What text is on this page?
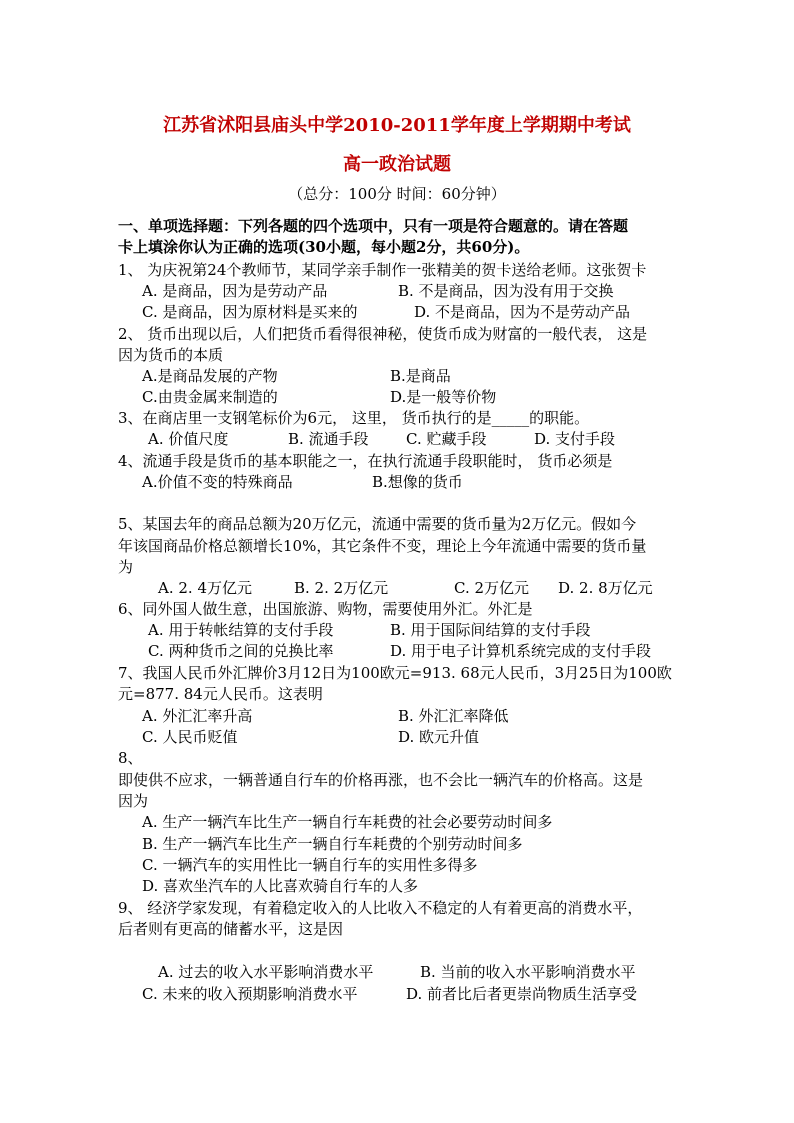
江苏省沭阳县庙头中学2010-2011学年度上学期期中考试
高一政治试题
（总分：100分 时间：60分钟）
一、单项选择题：下列各题的四个选项中，只有一项是符合题意的。请在答题
卡上填涂你认为正确的选项(30小题，每小题2分，共60分)。
1、 为庆祝第24个教师节，某同学亲手制作一张精美的贺卡送给老师。这张贺卡
A. 是商品，因为是劳动产品	B. 不是商品，因为没有用于交换
C. 是商品，因为原材料是买来的	D. 不是商品，因为不是劳动产品
2、 货币出现以后，人们把货币看得很神秘，使货币成为财富的一般代表， 这是
因为货币的本质
A.是商品发展的产物	B.是商品
C.由贵金属来制造的	D.是一般等价物
3、在商店里一支钢笔标价为6元， 这里， 货币执行的是_____的职能。
A. 价值尺度	B. 流通手段 C. 贮藏手段	D. 支付手段
4、流通手段是货币的基本职能之一，在执行流通手段职能时， 货币必须是
A.价值不变的特殊商品	B.想像的货币
5、某国去年的商品总额为20万亿元，流通中需要的货币量为2万亿元。假如今
年该国商品价格总额增长10%，其它条件不变，理论上今年流通中需要的货币量
为
A. 2. 4万亿元	B. 2. 2万亿元	C. 2万亿元 D. 2. 8万亿元
6、同外国人做生意，出国旅游、购物，需要使用外汇。外汇是
A. 用于转帐结算的支付手段	B. 用于国际间结算的支付手段
C. 两种货币之间的兑换比率	D. 用于电子计算机系统完成的支付手段
7、我国人民币外汇牌价3月12日为100欧元=913. 68元人民币，3月25日为100欧
元=877. 84元人民币。这表明
A. 外汇汇率升高	B. 外汇汇率降低
C. 人民币贬值	D. 欧元升值
8、
即使供不应求，一辆普通自行车的价格再涨，也不会比一辆汽车的价格高。这是
因为
A. 生产一辆汽车比生产一辆自行车耗费的社会必要劳动时间多
B. 生产一辆汽车比生产一辆自行车耗费的个别劳动时间多
C. 一辆汽车的实用性比一辆自行车的实用性多得多
D. 喜欢坐汽车的人比喜欢骑自行车的人多
9、 经济学家发现，有着稳定收入的人比收入不稳定的人有着更高的消费水平，
后者则有更高的储蓄水平，这是因
A. 过去的收入水平影响消费水平	B. 当前的收入水平影响消费水平
C. 未来的收入预期影响消费水平	D. 前者比后者更崇尚物质生活享受
